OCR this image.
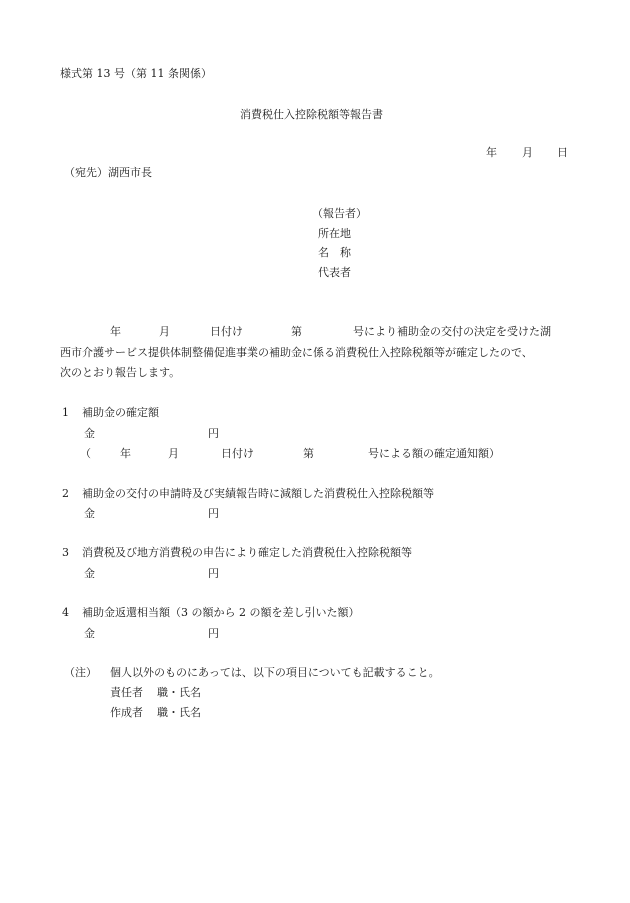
様式第 13 号（第 11 条関係）
消費税仕入控除税額等報告書
年 月 日
（宛先）湖西市長
（報告者）
所在地
名　称
代表者
年	月	日付け	第	号により補助金の交付の決定を受けた湖
西市介護サービス提供体制整備促進事業の補助金に係る消費税仕入控除税額等が確定したので、
次のとおり報告します。
1 補助金の確定額
金	円
（	年	月	日付け	第	号による額の確定通知額）
2 補助金の交付の申請時及び実績報告時に減額した消費税仕入控除税額等
金	円
3 消費税及び地方消費税の申告により確定した消費税仕入控除税額等
金	円
4 補助金返還相当額（3 の額から 2 の額を差し引いた額）
金	円
（注） 個人以外のものにあっては、以下の項目についても記載すること。
責任者 職・氏名
作成者 職・氏名
